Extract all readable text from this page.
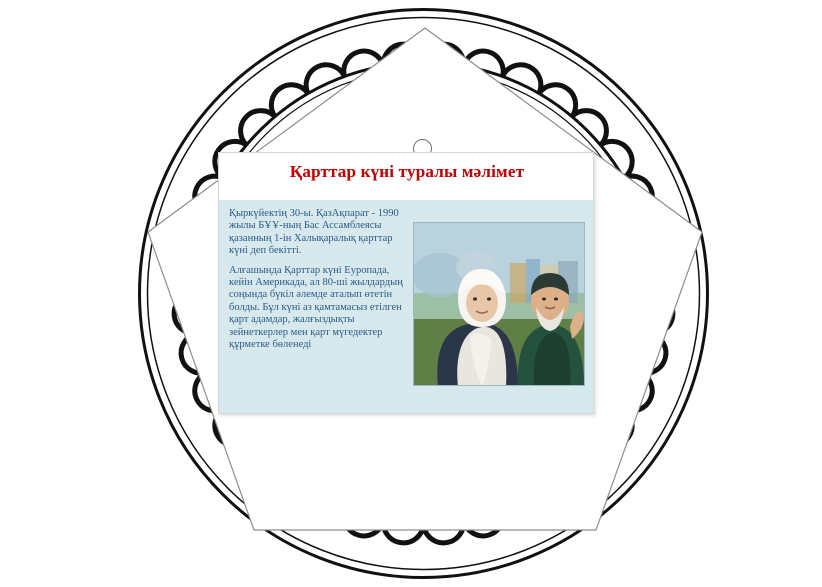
Қарттар күні туралы мәлімет

Қыркүйектің 30-ы. ҚазАқпарат - 1990 жылы БҰҰ-ның Бас Ассамблеясы қазанның 1-ін Халықаралық қарттар күні деп бекітті.

Алғашында Қарттар күні Еуропада, кейін Америкада, ал 80-ші жылдардың соңында бүкіл әлемде аталып өтетін болды. Бұл күні аз қамтамасыз етілген қарт адамдар, жалғыздықты зейнеткерлер мен қарт мүгедектер құрметке бөленеді
